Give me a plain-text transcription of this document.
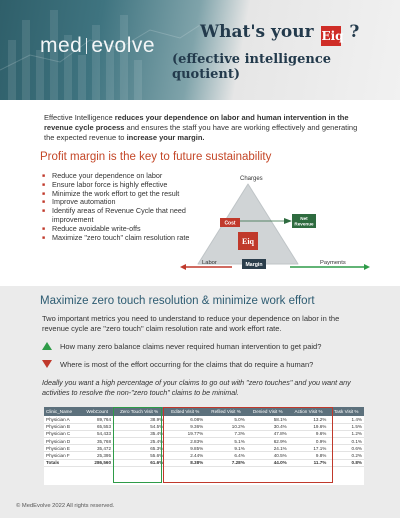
med evolve
What's your Eiq ?
(effective intelligence quotient)

Effective Intelligence reduces your dependence on labor and human intervention in the revenue cycle process and ensures the staff you have are working effectively and generating the expected revenue to increase your margin.

Profit margin is the key to future sustainability
■ Reduce your dependence on labor
■ Ensure labor force is highly effective
■ Minimize the work effort to get the result
■ Improve automation
■ Identify areas of Revenue Cycle that need improvement
■ Reduce avoidable write-offs
■ Maximize "zero touch" claim resolution rate
Charges
Labor	Payments
Cost
Net
Revenue
Eiq
Margin
Maximize zero touch resolution & minimize work effort

Two important metrics you need to understand to reduce your dependence on labor in the revenue cycle are "zero touch" claim resolution rate and work effort rate.

How many zero balance claims never required human intervention to get paid?
Where is most of the effort occurring for the claims that do require a human?

Ideally you want a high percentage of your claims to go out with "zero touches" and you want any activities to resolve the non-"zero touch" claims to be minimal.

Clinic_Name	WebCount	Zero Touch Visit %	Edited Visit %	Refiled Visit %	Denied Visit %	Action Visit %	Task Visit %
Physician A	89,764	38.9%	6.08%	5.0%	58.1%	13.2%	1.4%
Physician B	65,553	54.5%	9.36%	10.2%	30.4%	19.6%	1.5%
Physician C	54,433	35.4%	19.77%	7.3%	47.8%	9.6%	1.2%
Physician D	35,768	25.4%	2.83%	5.1%	62.9%	0.9%	0.1%
Physician E	35,472	65.3%	9.85%	9.1%	24.1%	17.1%	0.6%
Physician F	25,395	55.6%	2.44%	6.4%	40.5%	9.8%	0.2%
Totals	286,560	61.6%	8.38%	7.28%	44.0%	11.7%	0.8%
© MedEvolve 2022 All rights reserved.
